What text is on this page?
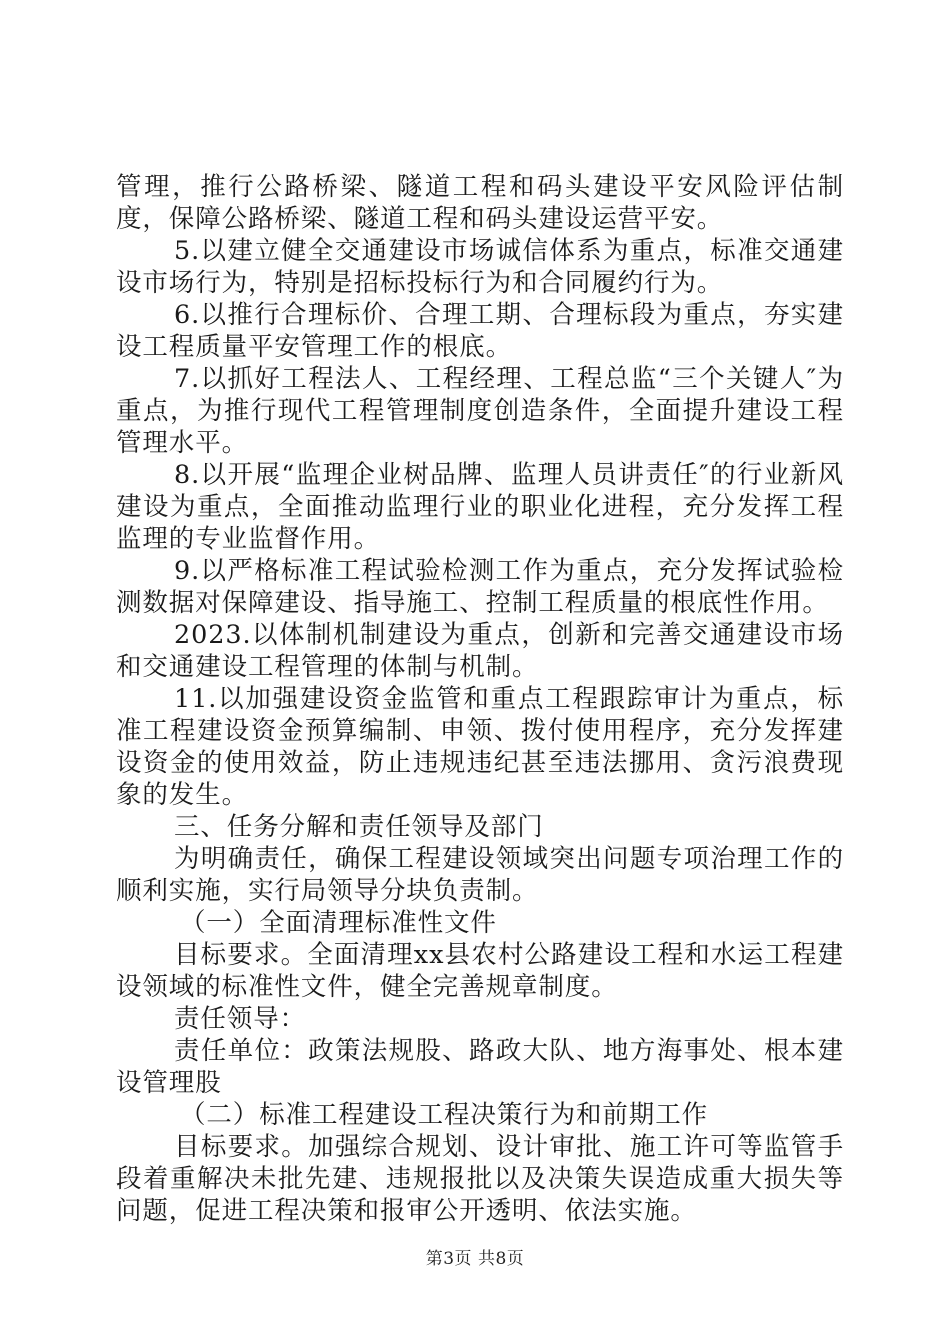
管理，推行公路桥梁、隧道工程和码头建设平安风险评估制度，保障公路桥梁、隧道工程和码头建设运营平安。

5.以建立健全交通建设市场诚信体系为重点，标准交通建设市场行为，特别是招标投标行为和合同履约行为。

6.以推行合理标价、合理工期、合理标段为重点，夯实建设工程质量平安管理工作的根底。

7.以抓好工程法人、工程经理、工程总监“三个关键人″为重点，为推行现代工程管理制度创造条件，全面提升建设工程管理水平。

8.以开展“监理企业树品牌、监理人员讲责任″的行业新风建设为重点，全面推动监理行业的职业化进程，充分发挥工程监理的专业监督作用。

9.以严格标准工程试验检测工作为重点，充分发挥试验检测数据对保障建设、指导施工、控制工程质量的根底性作用。

2023.以体制机制建设为重点，创新和完善交通建设市场和交通建设工程管理的体制与机制。

11.以加强建设资金监管和重点工程跟踪审计为重点，标准工程建设资金预算编制、申领、拨付使用程序，充分发挥建设资金的使用效益，防止违规违纪甚至违法挪用、贪污浪费现象的发生。

三、任务分解和责任领导及部门

为明确责任，确保工程建设领域突出问题专项治理工作的顺利实施，实行局领导分块负责制。

（一）全面清理标准性文件

目标要求。全面清理xx县农村公路建设工程和水运工程建设领域的标准性文件，健全完善规章制度。

责任领导：

责任单位：政策法规股、路政大队、地方海事处、根本建设管理股

（二）标准工程建设工程决策行为和前期工作

目标要求。加强综合规划、设计审批、施工许可等监管手段着重解决未批先建、违规报批以及决策失误造成重大损失等问题，促进工程决策和报审公开透明、依法实施。

第3页 共8页
